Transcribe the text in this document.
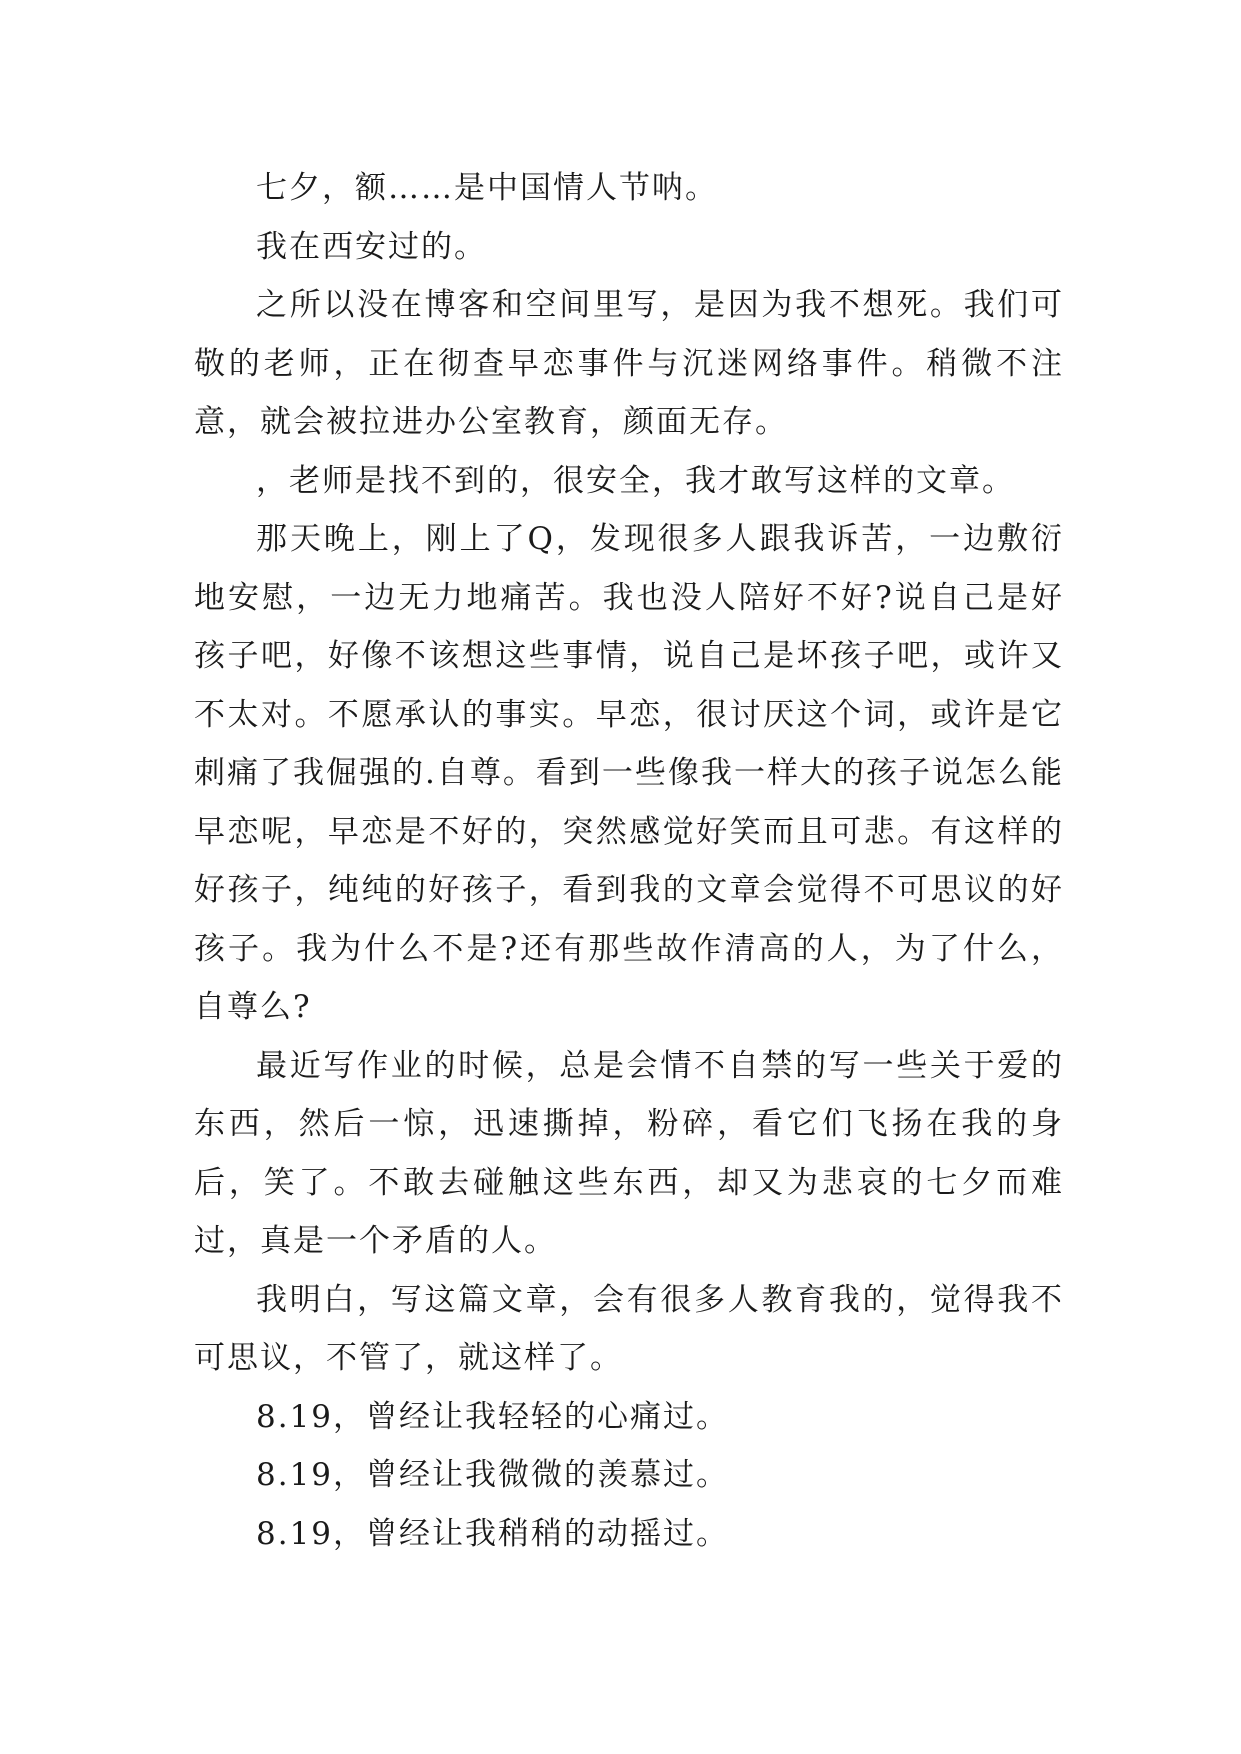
七夕，额……是中国情人节呐。

我在西安过的。

之所以没在博客和空间里写，是因为我不想死。我们可敬的老师，正在彻查早恋事件与沉迷网络事件。稍微不注意，就会被拉进办公室教育，颜面无存。

，老师是找不到的，很安全，我才敢写这样的文章。

那天晚上，刚上了Q，发现很多人跟我诉苦，一边敷衍地安慰，一边无力地痛苦。我也没人陪好不好?说自己是好孩子吧，好像不该想这些事情，说自己是坏孩子吧，或许又不太对。不愿承认的事实。早恋，很讨厌这个词，或许是它刺痛了我倔强的.自尊。看到一些像我一样大的孩子说怎么能早恋呢，早恋是不好的，突然感觉好笑而且可悲。有这样的好孩子，纯纯的好孩子，看到我的文章会觉得不可思议的好孩子。我为什么不是?还有那些故作清高的人，为了什么，自尊么?

最近写作业的时候，总是会情不自禁的写一些关于爱的东西，然后一惊，迅速撕掉，粉碎，看它们飞扬在我的身后，笑了。不敢去碰触这些东西，却又为悲哀的七夕而难过，真是一个矛盾的人。

我明白，写这篇文章，会有很多人教育我的，觉得我不可思议，不管了，就这样了。

8.19，曾经让我轻轻的心痛过。

8.19，曾经让我微微的羡慕过。

8.19，曾经让我稍稍的动摇过。
